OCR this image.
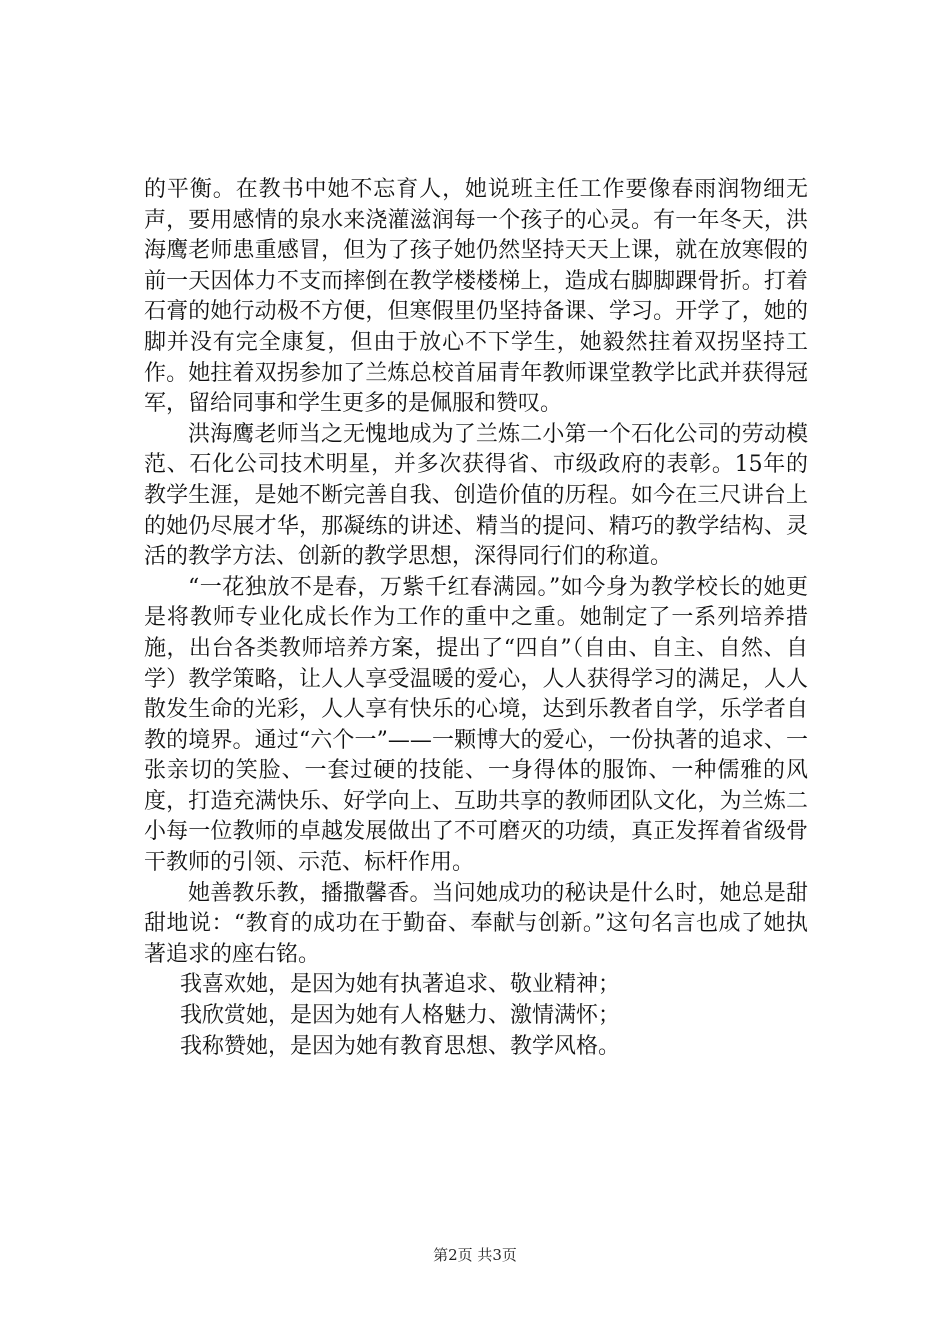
的平衡。在教书中她不忘育人，她说班主任工作要像春雨润物细无声，要用感情的泉水来浇灌滋润每一个孩子的心灵。有一年冬天，洪海鹰老师患重感冒，但为了孩子她仍然坚持天天上课，就在放寒假的前一天因体力不支而摔倒在教学楼楼梯上，造成右脚脚踝骨折。打着石膏的她行动极不方便，但寒假里仍坚持备课、学习。开学了，她的脚并没有完全康复，但由于放心不下学生，她毅然拄着双拐坚持工作。她拄着双拐参加了兰炼总校首届青年教师课堂教学比武并获得冠军，留给同事和学生更多的是佩服和赞叹。

洪海鹰老师当之无愧地成为了兰炼二小第一个石化公司的劳动模范、石化公司技术明星，并多次获得省、市级政府的表彰。15年的教学生涯，是她不断完善自我、创造价值的历程。如今在三尺讲台上的她仍尽展才华，那凝练的讲述、精当的提问、精巧的教学结构、灵活的教学方法、创新的教学思想，深得同行们的称道。

“一花独放不是春，万紫千红春满园。”如今身为教学校长的她更是将教师专业化成长作为工作的重中之重。她制定了一系列培养措施，出台各类教师培养方案，提出了“四自”（自由、自主、自然、自学）教学策略，让人人享受温暖的爱心，人人获得学习的满足，人人散发生命的光彩，人人享有快乐的心境，达到乐教者自学，乐学者自教的境界。通过“六个一”——一颗博大的爱心，一份执著的追求、一张亲切的笑脸、一套过硬的技能、一身得体的服饰、一种儒雅的风度，打造充满快乐、好学向上、互助共享的教师团队文化，为兰炼二小每一位教师的卓越发展做出了不可磨灭的功绩，真正发挥着省级骨干教师的引领、示范、标杆作用。

她善教乐教，播撒馨香。当问她成功的秘诀是什么时，她总是甜甜地说：“教育的成功在于勤奋、奉献与创新。”这句名言也成了她执著追求的座右铭。

我喜欢她，是因为她有执著追求、敬业精神；

我欣赏她，是因为她有人格魅力、激情满怀；

我称赞她，是因为她有教育思想、教学风格。

第2页 共3页
